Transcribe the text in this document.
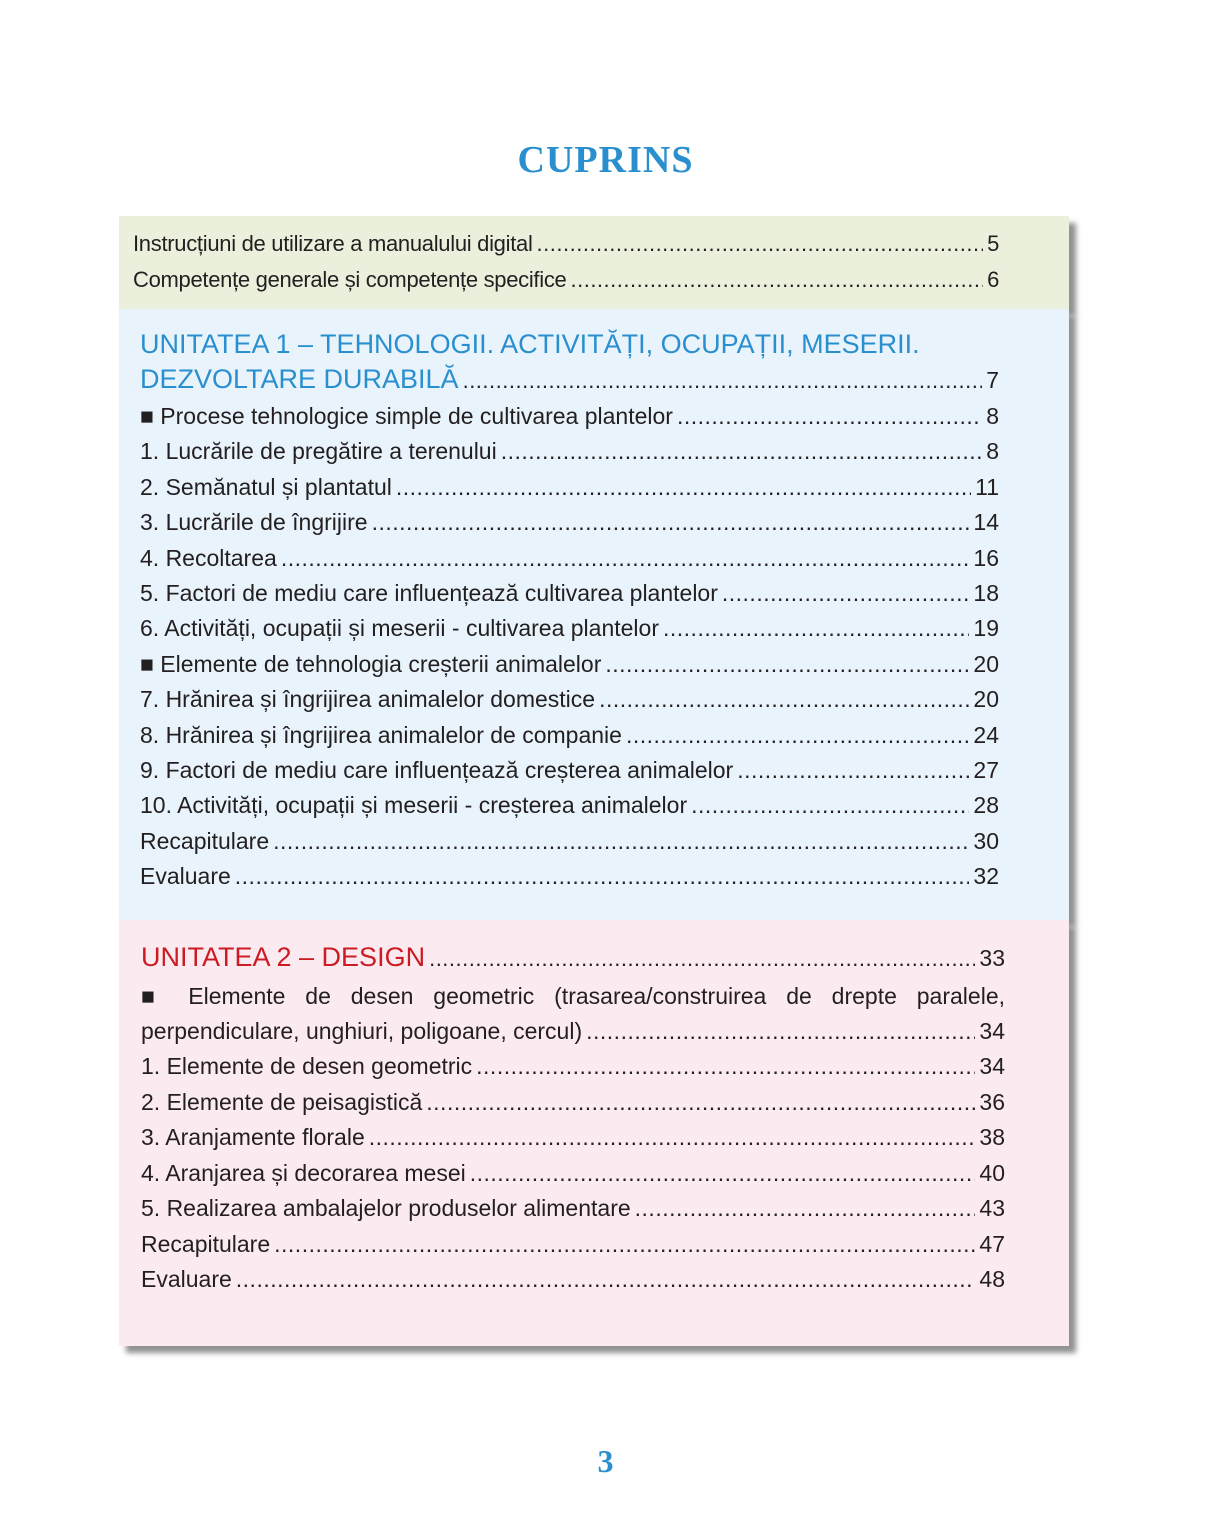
CUPRINS
Instrucțiuni de utilizare a manualului digital .....	5
Competențe generale și competențe specifice .....	6
UNITATEA 1 – TEHNOLOGII. ACTIVITĂȚI, OCUPAȚII, MESERII.
DEZVOLTARE DURABILĂ .....	7
■ Procese tehnologice simple de cultivarea plantelor .....	8
1. Lucrările de pregătire a terenului .....	8
2. Semănatul și plantatul .....	11
3. Lucrările de îngrijire .....	14
4. Recoltarea .....	16
5. Factori de mediu care influențează cultivarea plantelor .....	18
6. Activități, ocupații și meserii - cultivarea plantelor .....	19
■ Elemente de tehnologia creșterii animalelor .....	20
7. Hrănirea și îngrijirea animalelor domestice .....	20
8. Hrănirea și îngrijirea animalelor de companie .....	24
9. Factori de mediu care influențează creșterea animalelor .....	27
10. Activități, ocupații și meserii - creșterea animalelor .....	28
Recapitulare .....	30
Evaluare .....	32
UNITATEA 2 – DESIGN .....	33
■ Elemente de desen geometric (trasarea/construirea de drepte paralele,
perpendiculare, unghiuri, poligoane, cercul) .....	34
1. Elemente de desen geometric .....	34
2. Elemente de peisagistică .....	36
3. Aranjamente florale .....	38
4. Aranjarea și decorarea mesei .....	40
5. Realizarea ambalajelor produselor alimentare .....	43
Recapitulare .....	47
Evaluare .....	48
3
